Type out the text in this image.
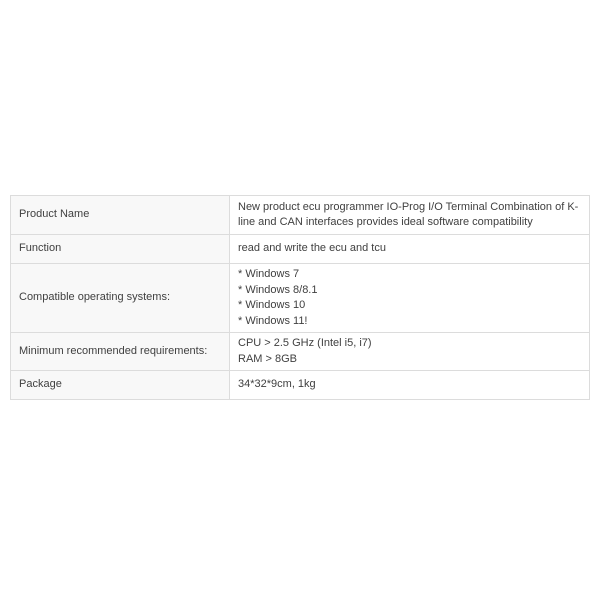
Product Name	New product ecu programmer IO-Prog I/O Terminal Combination of K-line and CAN interfaces provides ideal software compatibility

Function	read and write the ecu and tcu

Compatible operating systems:	* Windows 7
* Windows 8/8.1
* Windows 10
* Windows 11!

Minimum recommended requirements:	CPU > 2.5 GHz (Intel i5, i7)
RAM > 8GB

Package	34*32*9cm, 1kg
